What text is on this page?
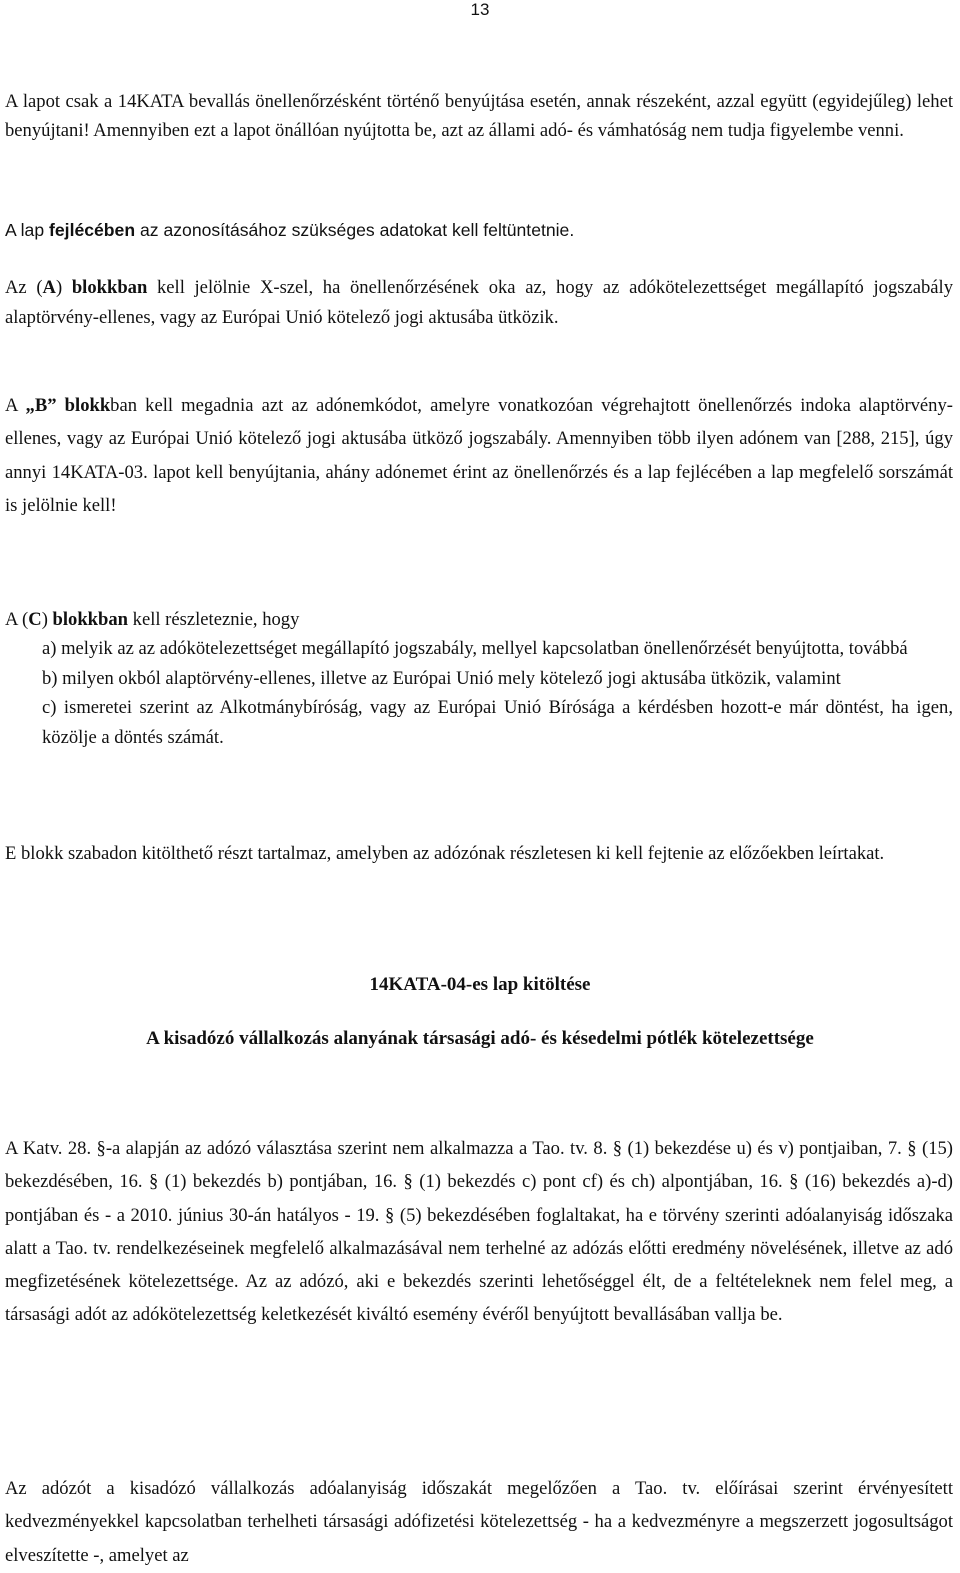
13

A lapot csak a 14KATA bevallás önellenőrzésként történő benyújtása esetén, annak részeként, azzal együtt (egyidejűleg) lehet benyújtani! Amennyiben ezt a lapot önállóan nyújtotta be, azt az állami adó- és vámhatóság nem tudja figyelembe venni.

A lap fejlécében az azonosításához szükséges adatokat kell feltüntetnie.

Az (A) blokkban kell jelölnie X-szel, ha önellenőrzésének oka az, hogy az adókötelezettséget megállapító jogszabály alaptörvény-ellenes, vagy az Európai Unió kötelező jogi aktusába ütközik.

A „B” blokkban kell megadnia azt az adónemkódot, amelyre vonatkozóan végrehajtott önellenőrzés indoka alaptörvény-ellenes, vagy az Európai Unió kötelező jogi aktusába ütköző jogszabály. Amennyiben több ilyen adónem van [288, 215], úgy annyi 14KATA-03. lapot kell benyújtania, ahány adónemet érint az önellenőrzés és a lap fejlécében a lap megfelelő sorszámát is jelölnie kell!

A (C) blokkban kell részleteznie, hogy

a) melyik az az adókötelezettséget megállapító jogszabály, mellyel kapcsolatban önellenőrzését benyújtotta, továbbá

b) milyen okból alaptörvény-ellenes, illetve az Európai Unió mely kötelező jogi aktusába ütközik, valamint

c) ismeretei szerint az Alkotmánybíróság, vagy az Európai Unió Bírósága a kérdésben hozott-e már döntést, ha igen, közölje a döntés számát.

E blokk szabadon kitölthető részt tartalmaz, amelyben az adózónak részletesen ki kell fejtenie az előzőekben leírtakat.

14KATA-04-es lap kitöltése
A kisadózó vállalkozás alanyának társasági adó- és késedelmi pótlék kötelezettsége

A Katv. 28. §-a alapján az adózó választása szerint nem alkalmazza a Tao. tv. 8. § (1) bekezdése u) és v) pontjaiban, 7. § (15) bekezdésében, 16. § (1) bekezdés b) pontjában, 16. § (1) bekezdés c) pont cf) és ch) alpontjában, 16. § (16) bekezdés a)-d) pontjában és - a 2010. június 30-án hatályos - 19. § (5) bekezdésében foglaltakat, ha e törvény szerinti adóalanyiság időszaka alatt a Tao. tv. rendelkezéseinek megfelelő alkalmazásával nem terhelné az adózás előtti eredmény növelésének, illetve az adó megfizetésének kötelezettsége. Az az adózó, aki e bekezdés szerinti lehetőséggel élt, de a feltételeknek nem felel meg, a társasági adót az adókötelezettség keletkezését kiváltó esemény évéről benyújtott bevallásában vallja be.

Az adózót a kisadózó vállalkozás adóalanyiság időszakát megelőzően a Tao. tv. előírásai szerint érvényesített kedvezményekkel kapcsolatban terhelheti társasági adófizetési kötelezettség - ha a kedvezményre a megszerzett jogosultságot elveszítette -, amelyet az
